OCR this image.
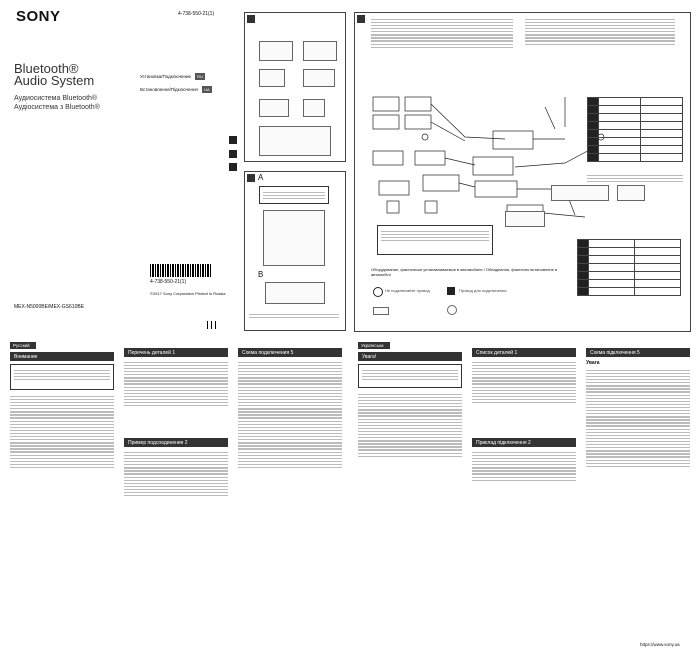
SONY	4-738-550-21(1)
Bluetooth®
Audio System
Аудиосистема Bluetooth®
Аудіосистема з Bluetooth®
Установка/Подключение	RU
Встановлення/Підключення	UA
A
B
4-738-550-21(1)
©2017 Sony Corporation Printed in Russia
MEX-N5000BE/MEX-GS610BE

Оборудование, фактически устанавливаемое в автомобиле / Обладнання, фактично встановлене в автомобілі
Не подключайте провод	Провод для подключения
Русский
Внимание
Перечень деталей
1
Пример подсоединения
2
Схема подключения
5
Українська
Увага!
Список деталей
1
Приклад підключення
2
Схема підключення
5
Увага
https://www.sony.ua
